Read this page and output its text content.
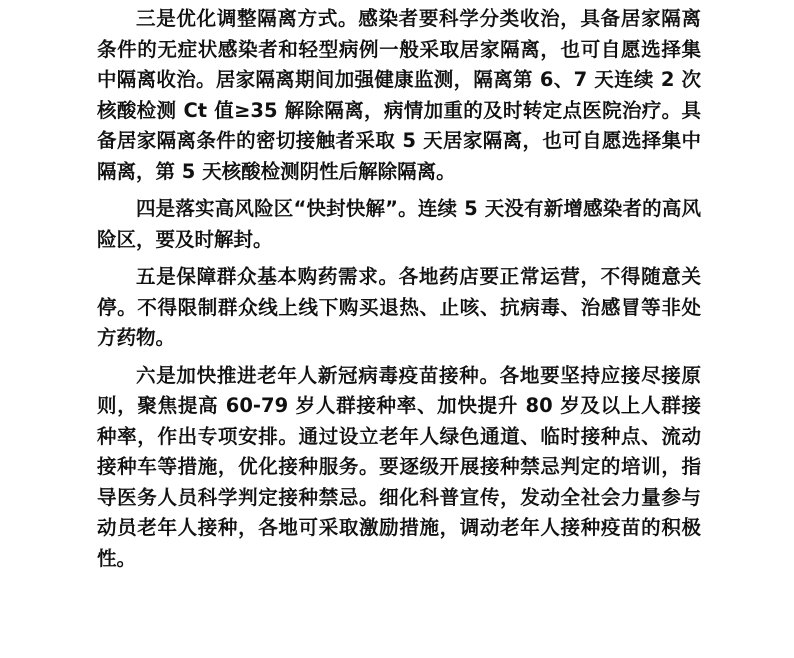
三是优化调整隔离方式。感染者要科学分类收治，具备居家隔离条件的无症状感染者和轻型病例一般采取居家隔离，也可自愿选择集中隔离收治。居家隔离期间加强健康监测，隔离第 6、7 天连续 2 次核酸检测 Ct 值≥35 解除隔离，病情加重的及时转定点医院治疗。具备居家隔离条件的密切接触者采取 5 天居家隔离，也可自愿选择集中隔离，第 5 天核酸检测阴性后解除隔离。

四是落实高风险区“快封快解”。连续 5 天没有新增感染者的高风险区，要及时解封。

五是保障群众基本购药需求。各地药店要正常运营，不得随意关停。不得限制群众线上线下购买退热、止咳、抗病毒、治感冒等非处方药物。

六是加快推进老年人新冠病毒疫苗接种。各地要坚持应接尽接原则，聚焦提高 60-79 岁人群接种率、加快提升 80 岁及以上人群接种率，作出专项安排。通过设立老年人绿色通道、临时接种点、流动接种车等措施，优化接种服务。要逐级开展接种禁忌判定的培训，指导医务人员科学判定接种禁忌。细化科普宣传，发动全社会力量参与动员老年人接种，各地可采取激励措施，调动老年人接种疫苗的积极性。
